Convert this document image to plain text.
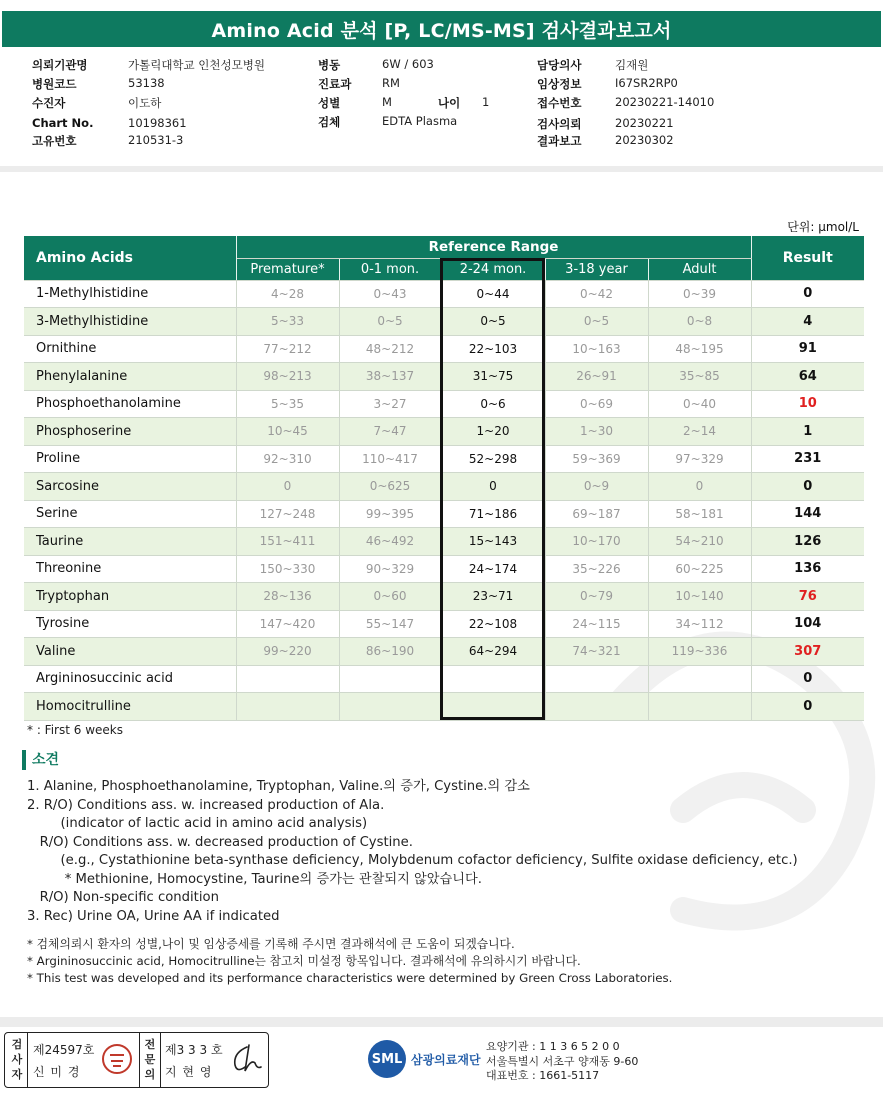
Amino Acid 분석 [P, LC/MS-MS] 검사결과보고서
의뢰기관명	가톨릭대학교 인천성모병원
병원코드	53138
수진자	이도하
Chart No.	10198361
고유번호	210531-3
병동	6W / 603
진료과	RM
성별	M	나이 1
검체	EDTA Plasma
담당의사	김재원
임상정보	I67SR2RP0
접수번호	20230221-14010
검사의뢰	20230221
결과보고	20230302
단위: μmol/L
Amino Acids	Reference Range					Result
	Premature*	0-1 mon.	2-24 mon.	3-18 year	Adult	
1-Methylhistidine	4~28	0~43	0~44	0~42	0~39	0
3-Methylhistidine	5~33	0~5	0~5	0~5	0~8	4
Ornithine	77~212	48~212	22~103	10~163	48~195	91
Phenylalanine	98~213	38~137	31~75	26~91	35~85	64
Phosphoethanolamine	5~35	3~27	0~6	0~69	0~40	10
Phosphoserine	10~45	7~47	1~20	1~30	2~14	1
Proline	92~310	110~417	52~298	59~369	97~329	231
Sarcosine	0	0~625	0	0~9	0	0
Serine	127~248	99~395	71~186	69~187	58~181	144
Taurine	151~411	46~492	15~143	10~170	54~210	126
Threonine	150~330	90~329	24~174	35~226	60~225	136
Tryptophan	28~136	0~60	23~71	0~79	10~140	76
Tyrosine	147~420	55~147	22~108	24~115	34~112	104
Valine	99~220	86~190	64~294	74~321	119~336	307
Argininosuccinic acid						0
Homocitrulline						0
* : First 6 weeks
소견
1. Alanine, Phosphoethanolamine, Tryptophan, Valine.의 증가, Cystine.의 감소
2. R/O) Conditions ass. w. increased production of Ala.
(indicator of lactic acid in amino acid analysis)
R/O) Conditions ass. w. decreased production of Cystine.
(e.g., Cystathionine beta-synthase deficiency, Molybdenum cofactor deficiency, Sulfite oxidase deficiency, etc.)
* Methionine, Homocystine, Taurine의 증가는 관찰되지 않았습니다.
R/O) Non-specific condition
3. Rec) Urine OA, Urine AA if indicated
* 검체의뢰시 환자의 성별,나이 및 임상증세를 기록해 주시면 결과해석에 큰 도움이 되겠습니다.
* Argininosuccinic acid, Homocitrulline는 참고치 미설정 항목입니다. 결과해석에 유의하시기 바랍니다.
* This test was developed and its performance characteristics were determined by Green Cross Laboratories.
검사자
제24597호
신 미 경
전문의
제3 3 3 호
지 현 영
SML 삼광의료재단
요양기관 : 1 1 3 6 5 2 0 0
서울특별시 서초구 양재동 9-60
대표번호 : 1661-5117
